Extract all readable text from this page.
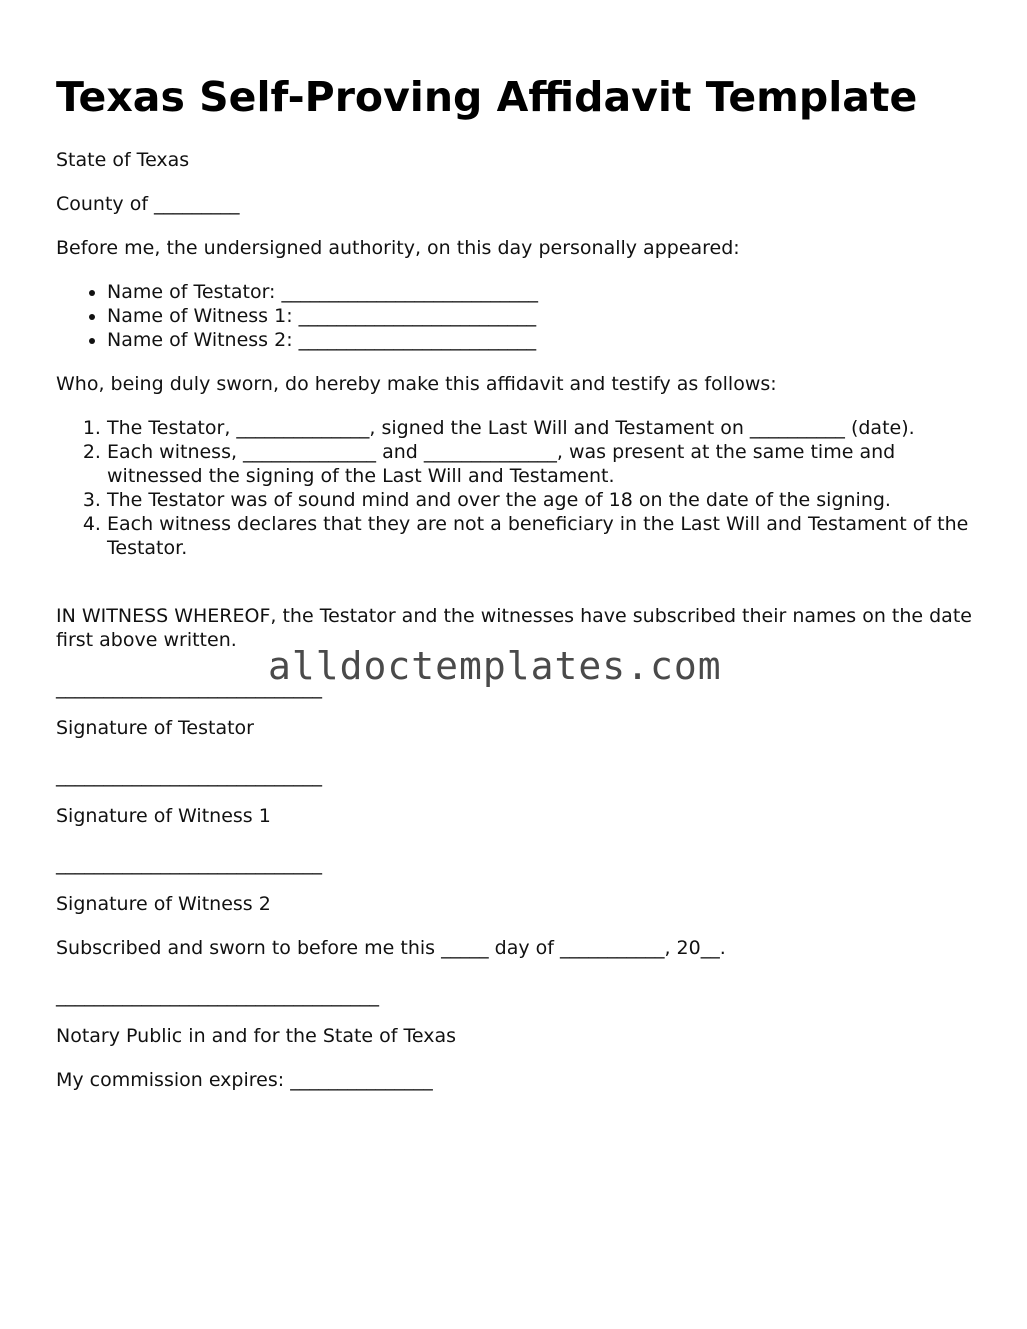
Texas Self-Proving Affidavit Template

State of Texas

County of _________

Before me, the undersigned authority, on this day personally appeared:

• Name of Testator: ___________________________
• Name of Witness 1: _________________________
• Name of Witness 2: _________________________

Who, being duly sworn, do hereby make this affidavit and testify as follows:

1. The Testator, ______________, signed the Last Will and Testament on __________ (date).
2. Each witness, ______________ and ______________, was present at the same time and witnessed the signing of the Last Will and Testament.
3. The Testator was of sound mind and over the age of 18 on the date of the signing.
4. Each witness declares that they are not a beneficiary in the Last Will and Testament of the Testator.

IN WITNESS WHEREOF, the Testator and the witnesses have subscribed their names on the date first above written.

____________________________

Signature of Testator

____________________________

Signature of Witness 1

____________________________

Signature of Witness 2

Subscribed and sworn to before me this _____ day of ___________, 20__.

__________________________________

Notary Public in and for the State of Texas

My commission expires: _______________

alldoctemplates.com
